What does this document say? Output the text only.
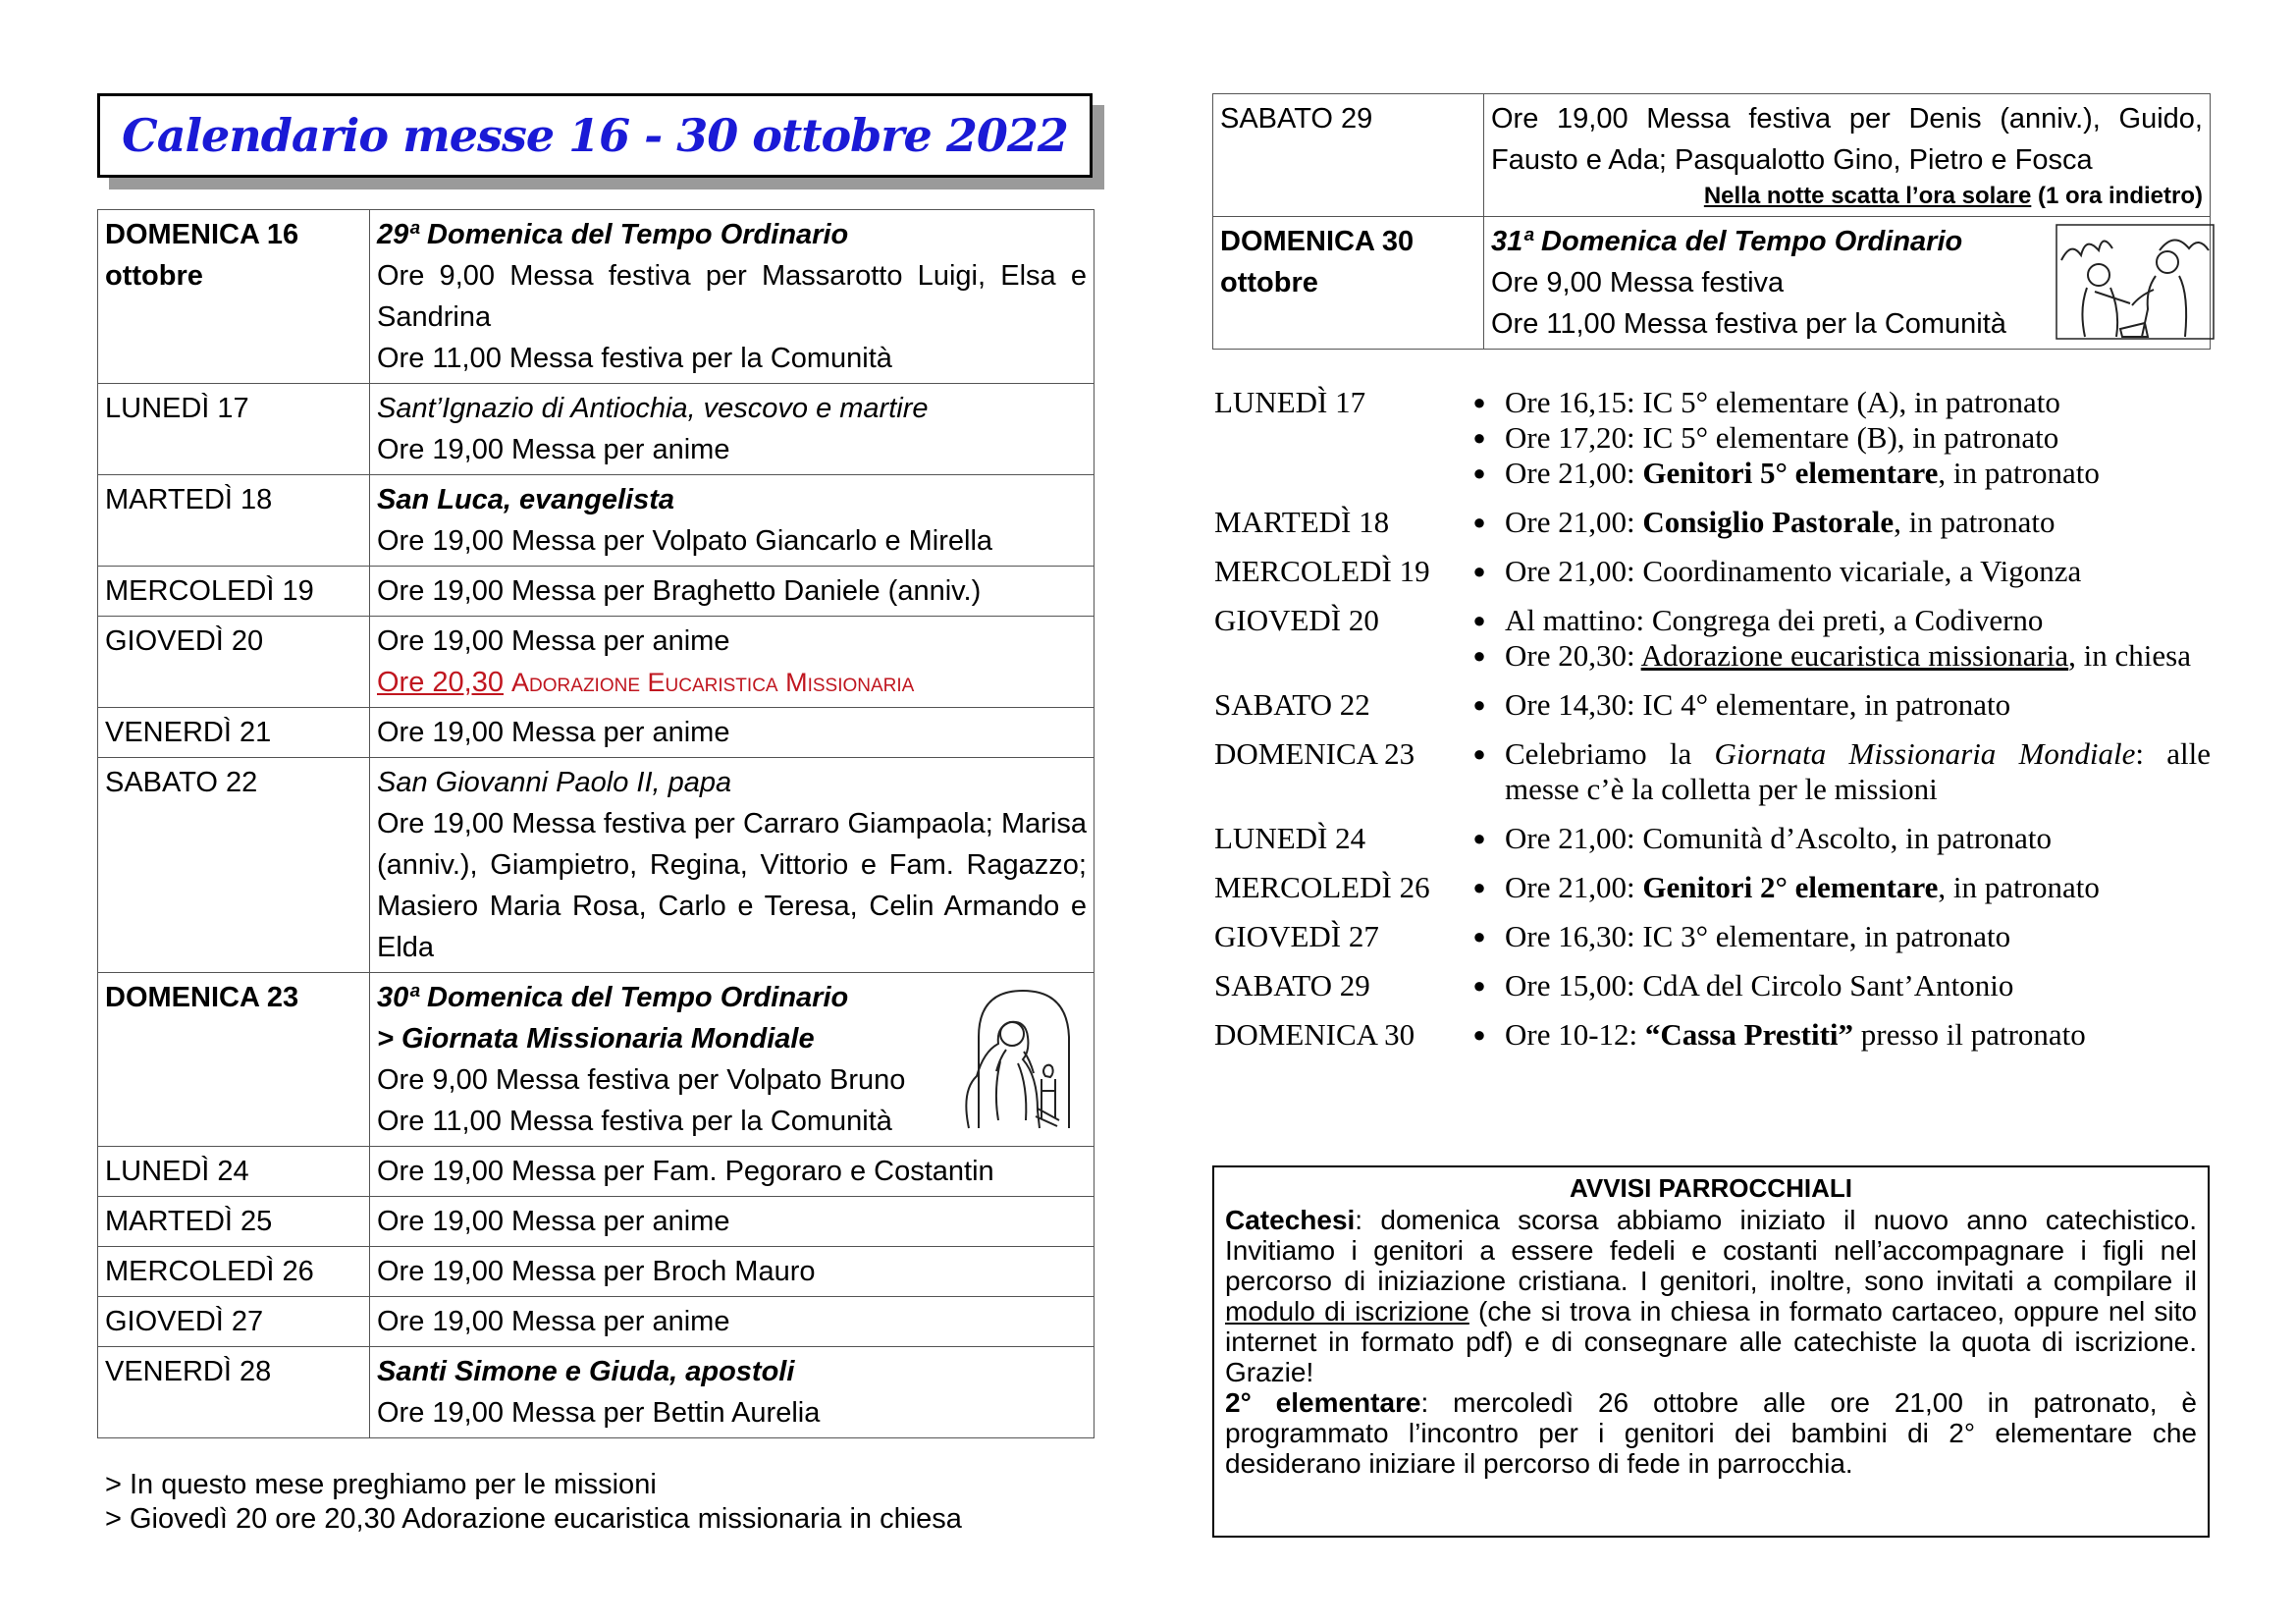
Calendario messe 16 - 30 ottobre 2022
DOMENICA 16 ottobre	29ª Domenica del Tempo Ordinario
Ore 9,00 Messa festiva per Massarotto Luigi, Elsa e Sandrina
Ore 11,00 Messa festiva per la Comunità

LUNEDÌ 17	Sant’Ignazio di Antiochia, vescovo e martire
Ore 19,00 Messa per anime

MARTEDÌ 18	San Luca, evangelista
Ore 19,00 Messa per Volpato Giancarlo e Mirella

MERCOLEDÌ 19	Ore 19,00 Messa per Braghetto Daniele (anniv.)

GIOVEDÌ 20	Ore 19,00 Messa per anime
Ore 20,30 Adorazione Eucaristica Missionaria

VENERDÌ 21	Ore 19,00 Messa per anime

SABATO 22	San Giovanni Paolo II, papa
Ore 19,00 Messa festiva per Carraro Giampaola; Marisa (anniv.), Giampietro, Regina, Vittorio e Fam. Ragazzo; Masiero Maria Rosa, Carlo e Teresa, Celin Armando e Elda

DOMENICA 23	30ª Domenica del Tempo Ordinario
> Giornata Missionaria Mondiale
Ore 9,00 Messa festiva per Volpato Bruno
Ore 11,00 Messa festiva per la Comunità

LUNEDÌ 24	Ore 19,00 Messa per Fam. Pegoraro e Costantin

MARTEDÌ 25	Ore 19,00 Messa per anime

MERCOLEDÌ 26	Ore 19,00 Messa per Broch Mauro

GIOVEDÌ 27	Ore 19,00 Messa per anime

VENERDÌ 28	Santi Simone e Giuda, apostoli
Ore 19,00 Messa per Bettin Aurelia
> In questo mese preghiamo per le missioni
> Giovedì 20 ore 20,30 Adorazione eucaristica missionaria in chiesa
SABATO 29	Ore 19,00 Messa festiva per Denis (anniv.), Guido, Fausto e Ada; Pasqualotto Gino, Pietro e Fosca
Nella notte scatta l’ora solare (1 ora indietro)

DOMENICA 30 ottobre	31ª Domenica del Tempo Ordinario
Ore 9,00 Messa festiva
Ore 11,00 Messa festiva per la Comunità
LUNEDÌ 17	● Ore 16,15: IC 5° elementare (A), in patronato
● Ore 17,20: IC 5° elementare (B), in patronato
● Ore 21,00: Genitori 5° elementare, in patronato
MARTEDÌ 18	● Ore 21,00: Consiglio Pastorale, in patronato
MERCOLEDÌ 19	● Ore 21,00: Coordinamento vicariale, a Vigonza
GIOVEDÌ 20	● Al mattino: Congrega dei preti, a Codiverno
● Ore 20,30: Adorazione eucaristica missionaria, in chiesa
SABATO 22	● Ore 14,30: IC 4° elementare, in patronato
DOMENICA 23	● Celebriamo la Giornata Missionaria Mondiale: alle messe c’è la colletta per le missioni
LUNEDÌ 24	● Ore 21,00: Comunità d’Ascolto, in patronato
MERCOLEDÌ 26	● Ore 21,00: Genitori 2° elementare, in patronato
GIOVEDÌ 27	● Ore 16,30: IC 3° elementare, in patronato
SABATO 29	● Ore 15,00: CdA del Circolo Sant’Antonio
DOMENICA 30	● Ore 10-12: “Cassa Prestiti” presso il patronato
AVVISI PARROCCHIALI
Catechesi: domenica scorsa abbiamo iniziato il nuovo anno catechistico. Invitiamo i genitori a essere fedeli e costanti nell’accompagnare i figli nel percorso di iniziazione cristiana. I genitori, inoltre, sono invitati a compilare il modulo di iscrizione (che si trova in chiesa in formato cartaceo, oppure nel sito internet in formato pdf) e di consegnare alle catechiste la quota di iscrizione. Grazie!
2° elementare: mercoledì 26 ottobre alle ore 21,00 in patronato, è programmato l’incontro per i genitori dei bambini di 2° elementare che desiderano iniziare il percorso di fede in parrocchia.
